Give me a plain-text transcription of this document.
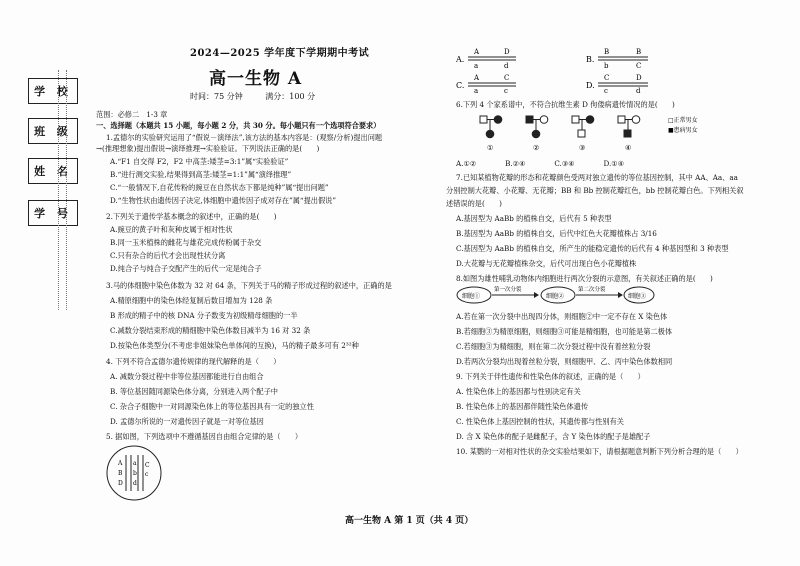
学 校
班 级
姓 名
学 号
2024—2025 学年度下学期期中考试
高一生物 A
时间：75 分钟	满分：100 分
范围：必修二　1-3 章
一、选择题（本题共 15 小题，每小题 2 分，共 30 分。每小题只有一个选项符合要求）
1.孟德尔的实验研究运用了“假说－演绎法”,该方法的基本内容是：(观察/分析)提出问题
→(推理想象)提出假说→演绎推理→实验验证。下列说法正确的是(　　)
A.“F1 自交得 F2，F2 中高茎:矮茎=3:1”属“实验验证”
B.“进行测交实验,结果得到高茎:矮茎=1:1”属“演绎推理”
C.“一般情况下,自花传粉的豌豆在自然状态下都是纯种”属“提出问题”
D.“生物性状由遗传因子决定,体细胞中遗传因子成对存在”属“提出假说”
2.下列关于遗传学基本概念的叙述中，正确的是(　　)
A.豌豆的黄子叶和灰种皮属于相对性状
B.同一玉米植株的雌花与雄花完成传粉属于杂交
C.只有杂合的后代才会出现性状分离
D.纯合子与纯合子交配产生的后代一定是纯合子
3.马的体细胞中染色体数为 32 对 64 条，下列关于马的精子形成过程的叙述中，正确的是
A.精原细胞中的染色体经复制后数目增加为 128 条
B 形成的精子中的核 DNA 分子数变为初级精母细胞的一半
C.减数分裂结束形成的精细胞中染色体数目减半为 16 对 32 条
D.按染色体类型分(不考虑非姐妹染色单体间的互换)，马的精子最多可有 2³²种
4. 下列不符合孟德尔遗传规律的现代解释的是（　　）
A. 减数分裂过程中非等位基因都能进行自由组合
B. 等位基因随同源染色体分离，分别进入两个配子中
C. 杂合子细胞中一对同源染色体上的等位基因具有一定的独立性
D. 孟德尔所说的一对遗传因子就是一对等位基因
5. 据如图，下列选项中不遵循基因自由组合定律的是（　　）
A a
B b
C
c
D d
A.
A	D
a	d
B.
B	B
b	C
C.
A	C
a	c
D.
C	D
c	d
6.下列 4 个家系谱中，不符合抗维生素 D 佝偻病遗传情况的是(　　)
①	②	③	④
□正常男女
■患病男女
A.①②　　　　B.②④　　　　C.③④　　　　D.①④
7.已知某植物花瓣的形态和花瓣颜色受两对独立遗传的等位基因控制，其中 AA、Aa、aa
分别控制大花瓣、小花瓣、无花瓣；BB 和 Bb 控制花瓣红色，bb 控制花瓣白色。下列相关叙
述错误的是(　　)
A.基因型为 AaBb 的植株自交，后代有 5 种表型
B.基因型为 AaBb 的植株自交，后代中红色大花瓣植株占 3/16
C.基因型为 AaBb 的植株自交，所产生的能稳定遗传的后代有 4 种基因型和 3 种表型
D.大花瓣与无花瓣植株杂交，后代可出现白色小花瓣植株
8.如图为雄性哺乳动物体内细胞进行两次分裂的示意图，有关叙述正确的是(　　)
细胞①
第一次分裂
细胞②
第二次分裂
细胞③
A.若在第一次分裂中出现四分体，则细胞②中一定不存在 X 染色体
B.若细胞③为精原细胞，则细胞③可能是精细胞，也可能是第二极体
C.若细胞③为精细胞，则在第二次分裂过程中没有着丝粒分裂
D.若两次分裂均出现着丝粒分裂，则细胞甲、乙、丙中染色体数相同
9. 下列关于伴性遗传和性染色体的叙述，正确的是（　　）
A. 性染色体上的基因都与性别决定有关
B. 性染色体上的基因都伴随性染色体遗传
C. 性染色体上基因控制的性状，其遗传都与性别有关
D. 含 X 染色体的配子是雌配子，含 Y 染色体的配子是雄配子
10. 某鹦的一对相对性状的杂交实验结果如下，请根据题意判断下列分析合理的是（　　）
高一生物 A 第 1 页（共 4 页）
